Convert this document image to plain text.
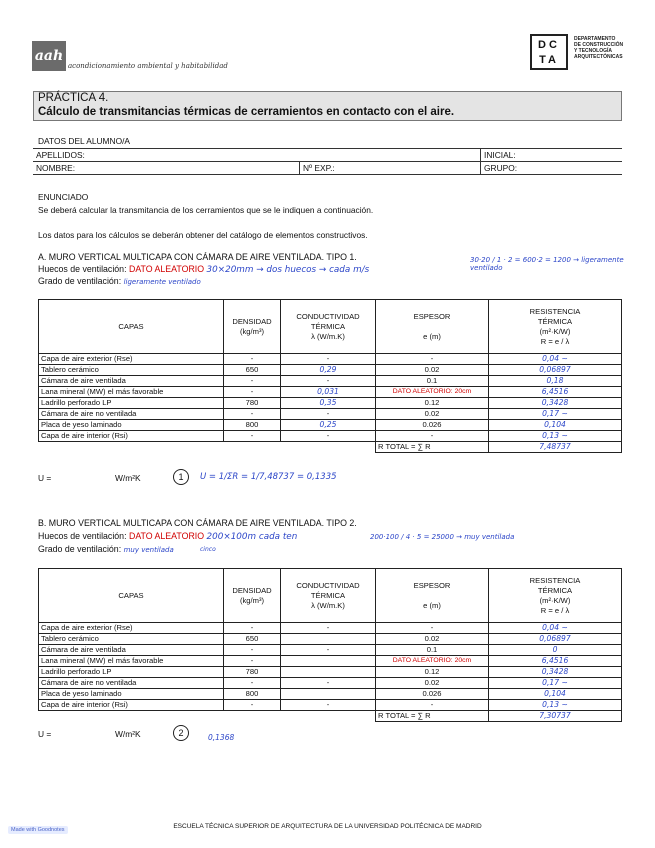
aah
acondicionamiento ambiental y habitabilidad
DC
TA
DEPARTAMENTO
DE CONSTRUCCIÓN
Y TECNOLOGÍA
ARQUITECTÓNICAS
PRÁCTICA 4.
Cálculo de transmitancias térmicas de cerramientos en contacto con el aire.
DATOS DEL ALUMNO/A
APELLIDOS:		INICIAL:
NOMBRE:	Nº EXP.:	GRUPO:
ENUNCIADO
Se deberá calcular la transmitancia de los cerramientos que se le indiquen a continuación.
Los datos para los cálculos se deberán obtener del catálogo de elementos constructivos.
A. MURO VERTICAL MULTICAPA CON CÁMARA DE AIRE VENTILADA. TIPO 1.
Huecos de ventilación: DATO ALEATORIO 30×20mm → dos huecos → cada m/s
30·20 / 1 · 2 = 600·2 = 1200 → ligeramente ventilado
Grado de ventilación: ligeramente ventilado
CAPAS	DENSIDAD
(kg/m³)	CONDUCTIVIDAD
TÉRMICA
λ (W/m.K)	ESPESOR

e (m)	RESISTENCIA
TÉRMICA
(m²·K/W)
R = e / λ
Capa de aire exterior (Rse)	-	-	-	0,04 ~
Tablero cerámico	650	0,29	0.02	0,06897
Cámara de aire ventilada	-	-	0.1	0,18
Lana mineral (MW) el más favorable	-	0,031	DATO ALEATORIO: 20cm	6,4516
Ladrillo perforado LP	780	0,35	0.12	0,3428
Cámara de aire no ventilada	-	-	0.02	0,17 ~
Placa de yeso laminado	800	0,25	0.026	0,104
Capa de aire interior (Rsi)	-	-	-	0,13 ~
			R TOTAL = ∑ R	7,48737
U =	W/m²K	1	U = 1/ΣR = 1/7,48737 = 0,1335
B. MURO VERTICAL MULTICAPA CON CÁMARA DE AIRE VENTILADA. TIPO 2.
Huecos de ventilación: DATO ALEATORIO 200×100m cada ten	200·100 / 4 · 5 = 25000 → muy ventilada
Grado de ventilación: muy ventilada	cinco
CAPAS	DENSIDAD
(kg/m³)	CONDUCTIVIDAD
TÉRMICA
λ (W/m.K)	ESPESOR

e (m)	RESISTENCIA
TÉRMICA
(m²·K/W)
R = e / λ
Capa de aire exterior (Rse)	-	-	-	0,04 ~
Tablero cerámico	650		0.02	0,06897
Cámara de aire ventilada	-	-	0.1	0
Lana mineral (MW) el más favorable	-		DATO ALEATORIO: 20cm	6,4516
Ladrillo perforado LP	780		0.12	0,3428
Cámara de aire no ventilada	-	-	0.02	0,17 ~
Placa de yeso laminado	800		0.026	0,104
Capa de aire interior (Rsi)	-	-	-	0,13 ~
			R TOTAL = ∑ R	7,30737
U =	W/m²K	2	0,1368
Made with Goodnotes	ESCUELA TÉCNICA SUPERIOR DE ARQUITECTURA DE LA UNIVERSIDAD POLITÉCNICA DE MADRID
